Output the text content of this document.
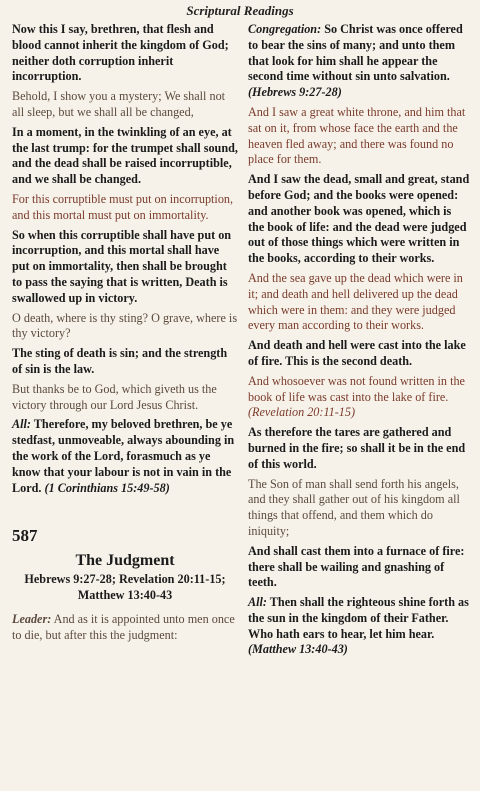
Scriptural Readings

Now this I say, brethren, that flesh and blood cannot inherit the kingdom of God; neither doth corruption inherit incorruption.

Behold, I show you a mystery; We shall not all sleep, but we shall all be changed,

In a moment, in the twinkling of an eye, at the last trump: for the trumpet shall sound, and the dead shall be raised incorruptible, and we shall be changed.

For this corruptible must put on incorruption, and this mortal must put on immortality.

So when this corruptible shall have put on incorruption, and this mortal shall have put on immortality, then shall be brought to pass the saying that is written, Death is swallowed up in victory.

O death, where is thy sting? O grave, where is thy victory?

The sting of death is sin; and the strength of sin is the law.

But thanks be to God, which giveth us the victory through our Lord Jesus Christ.

All: Therefore, my beloved brethren, be ye stedfast, unmoveable, always abounding in the work of the Lord, forasmuch as ye know that your labour is not in vain in the Lord. (1 Corinthians 15:49-58)

587
The Judgment
Hebrews 9:27-28; Revelation 20:11-15; Matthew 13:40-43

Leader: And as it is appointed unto men once to die, but after this the judgment:

Congregation: So Christ was once offered to bear the sins of many; and unto them that look for him shall he appear the second time without sin unto salvation. (Hebrews 9:27-28)

And I saw a great white throne, and him that sat on it, from whose face the earth and the heaven fled away; and there was found no place for them.

And I saw the dead, small and great, stand before God; and the books were opened: and another book was opened, which is the book of life: and the dead were judged out of those things which were written in the books, according to their works.

And the sea gave up the dead which were in it; and death and hell delivered up the dead which were in them: and they were judged every man according to their works.

And death and hell were cast into the lake of fire. This is the second death.

And whosoever was not found written in the book of life was cast into the lake of fire. (Revelation 20:11-15)

As therefore the tares are gathered and burned in the fire; so shall it be in the end of this world.

The Son of man shall send forth his angels, and they shall gather out of his kingdom all things that offend, and them which do iniquity;

And shall cast them into a furnace of fire: there shall be wailing and gnashing of teeth.

All: Then shall the righteous shine forth as the sun in the kingdom of their Father. Who hath ears to hear, let him hear. (Matthew 13:40-43)
